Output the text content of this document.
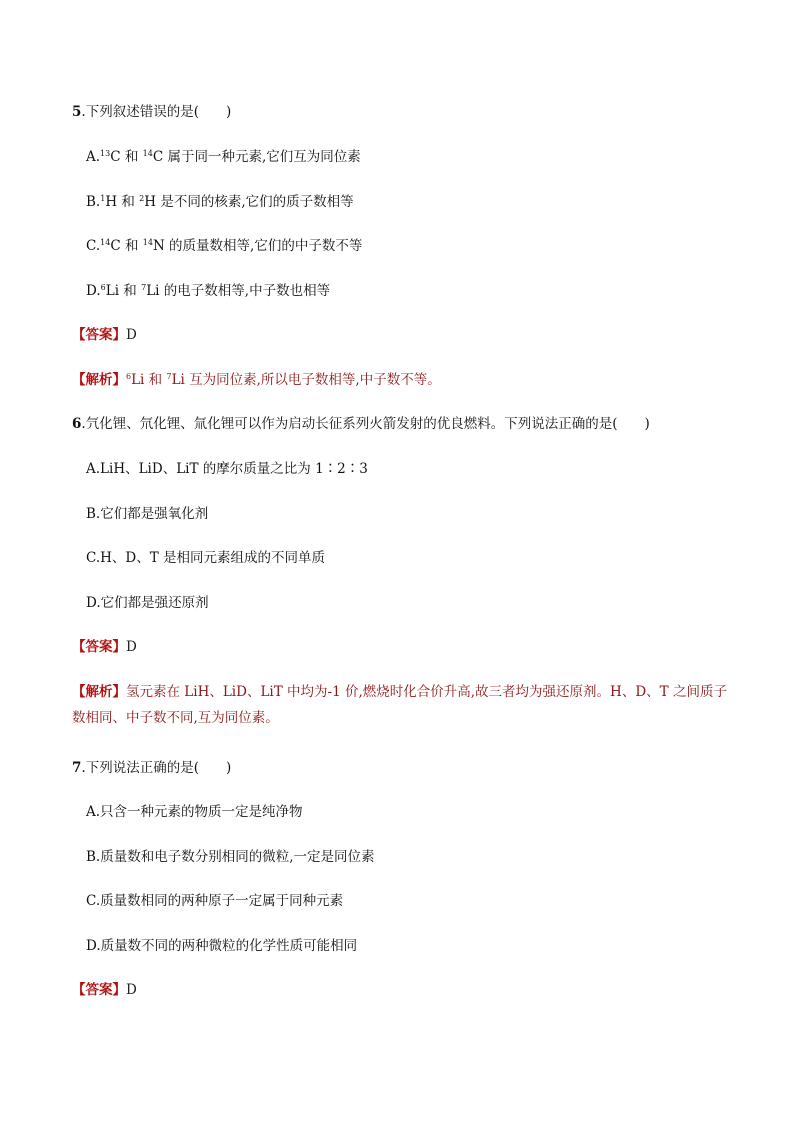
5.下列叙述错误的是(　　)
A.$^{13}$C 和 $^{14}$C 属于同一种元素,它们互为同位素
B.$^1$H 和 $^2$H 是不同的核素,它们的质子数相等
C.$^{14}$C 和 $^{14}$N 的质量数相等,它们的中子数不等
D.$^6$Li 和 $^7$Li 的电子数相等,中子数也相等
【答案】D
【解析】$^6$Li 和 $^7$Li 互为同位素,所以电子数相等,中子数不等。
6.氕化锂、氘化锂、氚化锂可以作为启动长征系列火箭发射的优良燃料。下列说法正确的是(　　)
A.LiH、LiD、LiT 的摩尔质量之比为 1∶2∶3
B.它们都是强氧化剂
C.H、D、T 是相同元素组成的不同单质
D.它们都是强还原剂
【答案】D
【解析】氢元素在 LiH、LiD、LiT 中均为-1 价,燃烧时化合价升高,故三者均为强还原剂。H、D、T 之间质子数相同、中子数不同,互为同位素。
7.下列说法正确的是(　　)
A.只含一种元素的物质一定是纯净物
B.质量数和电子数分别相同的微粒,一定是同位素
C.质量数相同的两种原子一定属于同种元素
D.质量数不同的两种微粒的化学性质可能相同
【答案】D
